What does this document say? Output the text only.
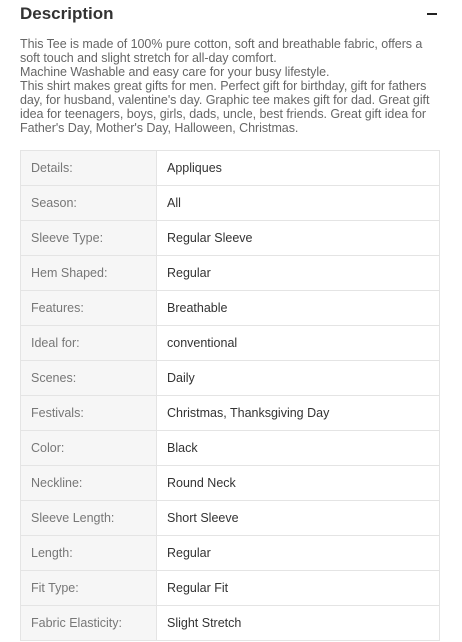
Description

This Tee is made of 100% pure cotton, soft and breathable fabric, offers a soft touch and slight stretch for all-day comfort.

Machine Washable and easy care for your busy lifestyle.

This shirt makes great gifts for men. Perfect gift for birthday, gift for fathers day, for husband, valentine's day. Graphic tee makes gift for dad. Great gift idea for teenagers, boys, girls, dads, uncle, best friends. Great gift idea for Father's Day, Mother's Day, Halloween, Christmas.

Details:	Appliques
Season:	All
Sleeve Type:	Regular Sleeve
Hem Shaped:	Regular
Features:	Breathable
Ideal for:	conventional
Scenes:	Daily
Festivals:	Christmas, Thanksgiving Day
Color:	Black
Neckline:	Round Neck
Sleeve Length:	Short Sleeve
Length:	Regular
Fit Type:	Regular Fit
Fabric Elasticity:	Slight Stretch
